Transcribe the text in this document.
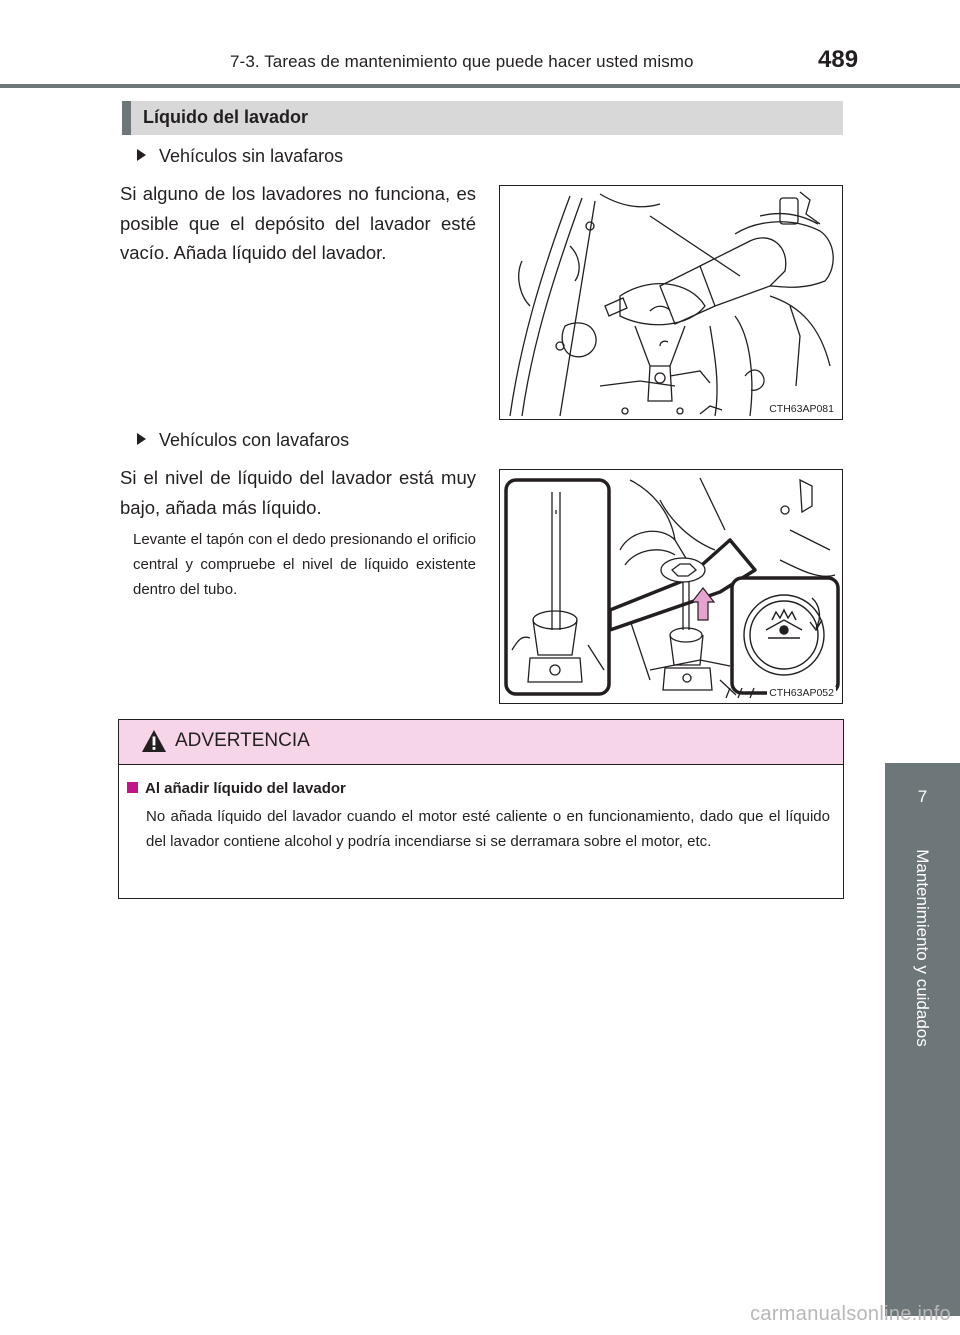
7-3. Tareas de mantenimiento que puede hacer usted mismo	489
7
Mantenimiento y cuidados
Líquido del lavador
Vehículos sin lavafaros
Si alguno de los lavadores no funciona, es posible que el depósito del lavador esté vacío. Añada líquido del lavador.
CTH63AP081
Vehículos con lavafaros
Si el nivel de líquido del lavador está muy bajo, añada más líquido.
Levante el tapón con el dedo presionando el orificio central y compruebe el nivel de líquido existente dentro del tubo.
CTH63AP052
ADVERTENCIA
Al añadir líquido del lavador
No añada líquido del lavador cuando el motor esté caliente o en funcionamiento, dado que el líquido del lavador contiene alcohol y podría incendiarse si se derramara sobre el motor, etc.
carmanualsonline.info
